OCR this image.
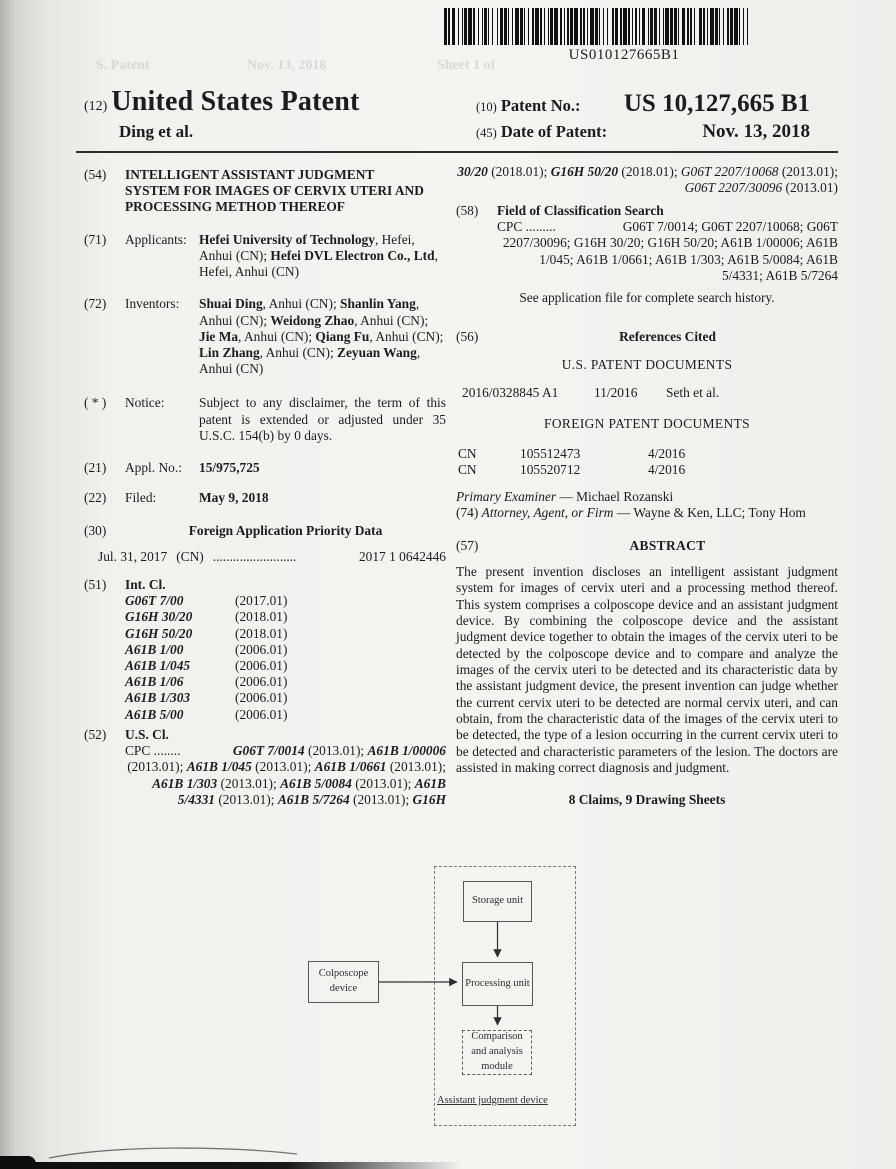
S. Patent	Nov. 13, 2018	Sheet 1 of
US010127665B1
(12) United States Patent
Ding et al.
(10) Patent No.: US 10,127,665 B1
(45) Date of Patent:	Nov. 13, 2018
(54)	INTELLIGENT ASSISTANT JUDGMENT SYSTEM FOR IMAGES OF CERVIX UTERI AND PROCESSING METHOD THEREOF
(71)	Applicants: Hefei University of Technology, Hefei, Anhui (CN); Hefei DVL Electron Co., Ltd, Hefei, Anhui (CN)
(72)	Inventors:	Shuai Ding, Anhui (CN); Shanlin Yang, Anhui (CN); Weidong Zhao, Anhui (CN); Jie Ma, Anhui (CN); Qiang Fu, Anhui (CN); Lin Zhang, Anhui (CN); Zeyuan Wang, Anhui (CN)
( * )	Notice:	Subject to any disclaimer, the term of this patent is extended or adjusted under 35 U.S.C. 154(b) by 0 days.
(21)	Appl. No.:	15/975,725
(22)	Filed:	May 9, 2018
(30)	Foreign Application Priority Data
Jul. 31, 2017 (CN) .........................	2017 1 0642446
(51)	Int. Cl.
G06T 7/00	(2017.01)
G16H 30/20	(2018.01)
G16H 50/20	(2018.01)
A61B 1/00	(2006.01)
A61B 1/045	(2006.01)
A61B 1/06	(2006.01)
A61B 1/303	(2006.01)
A61B 5/00	(2006.01)
(52)	U.S. Cl.
CPC ........	G06T 7/0014 (2013.01); A61B 1/00006 (2013.01); A61B 1/045 (2013.01); A61B 1/0661 (2013.01); A61B 1/303 (2013.01); A61B 5/0084 (2013.01); A61B 5/4331 (2013.01); A61B 5/7264 (2013.01); G16H
30/20 (2018.01); G16H 50/20 (2018.01); G06T 2207/10068 (2013.01); G06T 2207/30096 (2013.01)
(58)	Field of Classification Search
CPC .........	G06T 7/0014; G06T 2207/10068; G06T 2207/30096; G16H 30/20; G16H 50/20; A61B 1/00006; A61B 1/045; A61B 1/0661; A61B 1/303; A61B 5/0084; A61B 5/4331; A61B 5/7264
See application file for complete search history.
(56)	References Cited
U.S. PATENT DOCUMENTS
2016/0328845 A1	11/2016	Seth et al.
FOREIGN PATENT DOCUMENTS
CN	105512473	4/2016
CN	105520712	4/2016
Primary Examiner — Michael Rozanski
(74) Attorney, Agent, or Firm — Wayne & Ken, LLC; Tony Hom
(57)	ABSTRACT
The present invention discloses an intelligent assistant judgment system for images of cervix uteri and a processing method thereof. This system comprises a colposcope device and an assistant judgment device. By combining the colposcope device and the assistant judgment device together to obtain the images of the cervix uteri to be detected by the colposcope device and to compare and analyze the images of the cervix uteri to be detected and its characteristic data by the assistant judgment device, the present invention can judge whether the current cervix uteri to be detected are normal cervix uteri, and can obtain, from the characteristic data of the images of the cervix uteri to be detected, the type of a lesion occurring in the current cervix uteri to be detected and characteristic parameters of the lesion. The doctors are assisted in making correct diagnosis and judgment.
8 Claims, 9 Drawing Sheets
Storage unit
Processing unit
Comparison and analysis module
Colposcope device
Assistant judgment device
